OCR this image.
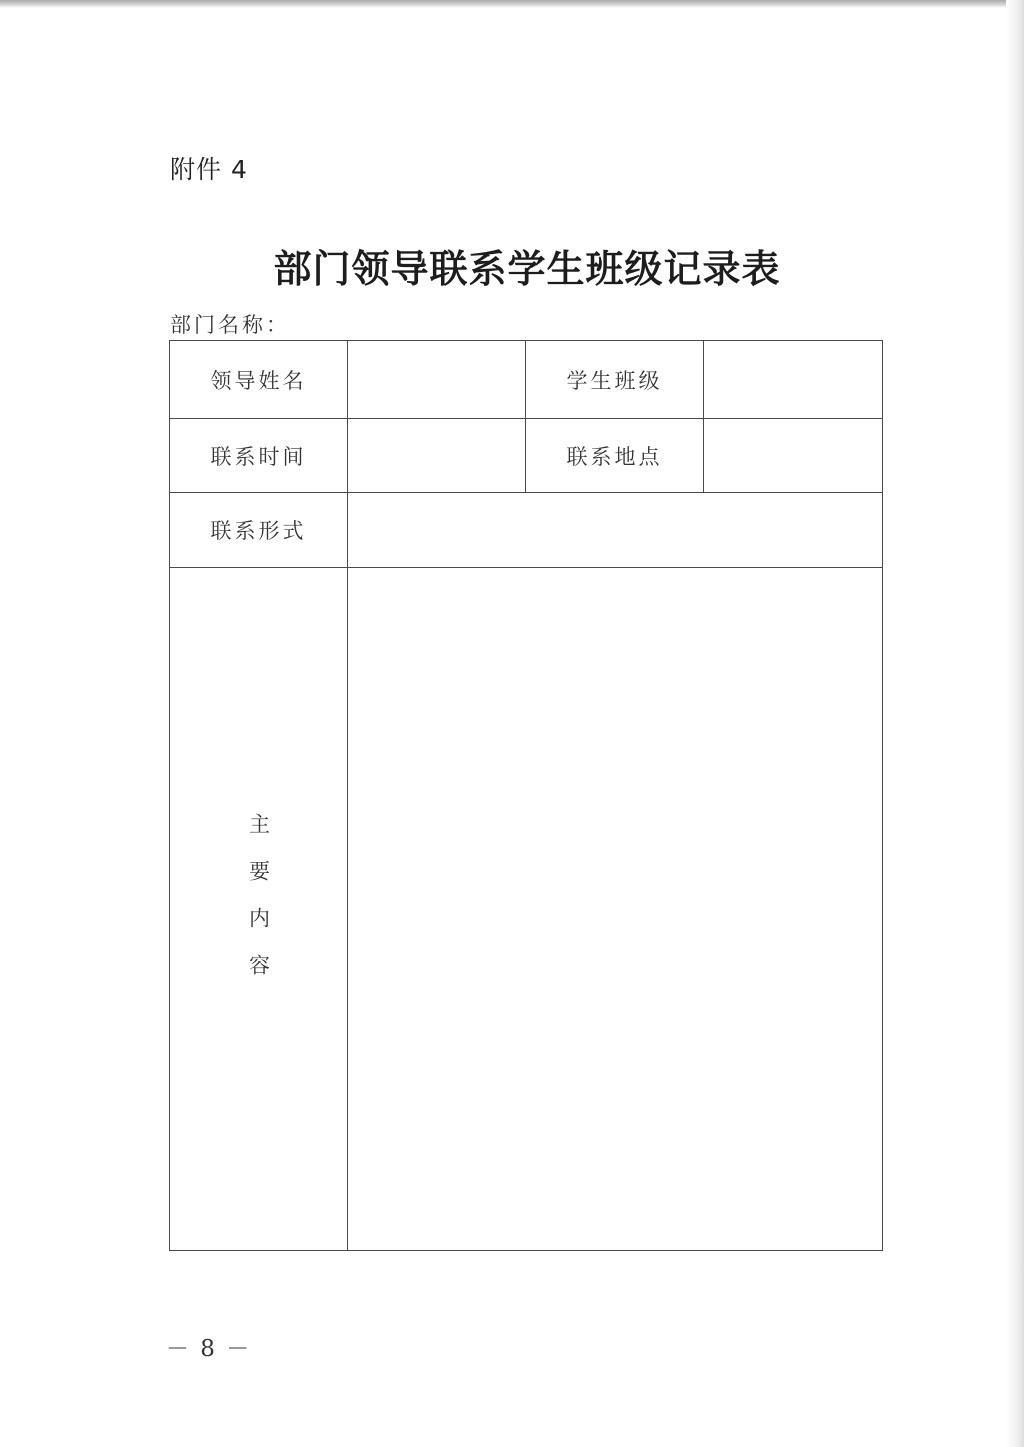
附件 4
部门领导联系学生班级记录表
部门名称：
领导姓名		学生班级	
联系时间		联系地点	
联系形式			
主要内容			
－ 8 －
